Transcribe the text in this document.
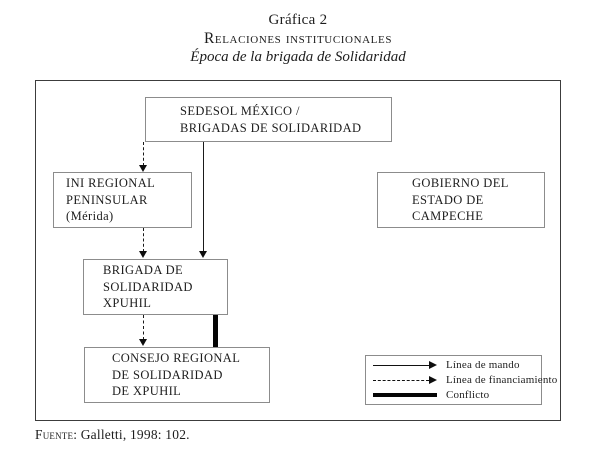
Gráfica 2
Relaciones institucionales
Época de la brigada de Solidaridad
SEDESOL MÉXICO /
BRIGADAS DE SOLIDARIDAD
INI REGIONAL
PENINSULAR
(Mérida)
GOBIERNO DEL
ESTADO DE
CAMPECHE
BRIGADA DE
SOLIDARIDAD
XPUHIL
CONSEJO REGIONAL
DE SOLIDARIDAD
DE XPUHIL
Línea de mando
Línea de financiamiento
Conflicto
Fuente: Galletti, 1998: 102.
